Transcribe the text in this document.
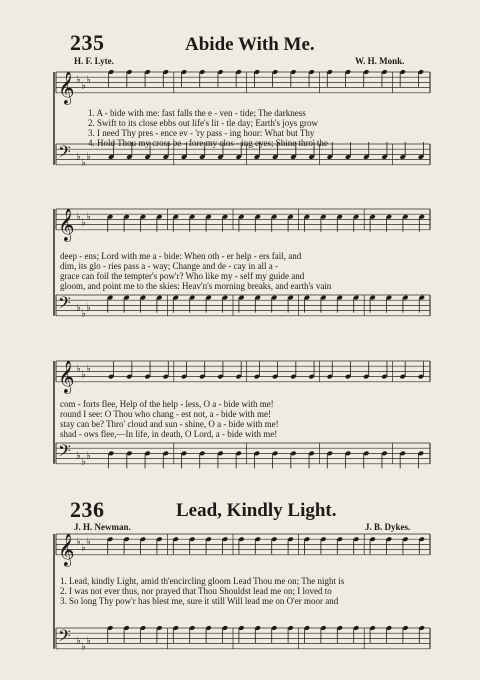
235	Abide With Me.
H. F. Lyte.	W. H. Monk.
𝄞 ♭
♭
♭
𝄢 ♭
♭
♭
1. A - bide with me: fast falls the e - ven - tide; The darkness
2. Swift to its close ebbs out life's lit - tle day; Earth's joys grow
3. I need Thy pres - ence ev - 'ry pass - ing hour: What but Thy
4. Hold Thou my cross be - fore my clos - ing eyes; Shine thro' the
𝄞 ♭
♭
♭
𝄢 ♭
♭
♭
deep - ens; Lord with me a - bide: When oth - er help - ers fail, and
dim, its glo - ries pass a - way; Change and de - cay in all a -
grace can foil the tempter's pow'r? Who like my - self my guide and
gloom, and point me to the skies: Heav'n's morning breaks, and earth's vain
𝄞 ♭
♭
♭
𝄢 ♭
♭
♭
com - forts flee, Help of the help - less, O a - bide with me!
round I see: O Thou who chang - est not, a - bide with me!
stay can be? Thro' cloud and sun - shine, O a - bide with me!
shad - ows flee,—In life, in death, O Lord, a - bide with me!
236	Lead, Kindly Light.
J. H. Newman.	J. B. Dykes.
𝄞 ♭
♭
♭
𝄢 ♭
♭
♭
1. Lead, kindly Light, amid th'encircling gloom Lead Thou me on; The night is
2. I was not ever thus, nor prayed that Thou Shouldst lead me on; I loved to
3. So long Thy pow'r has blest me, sure it still Will lead me on O'er moor and
